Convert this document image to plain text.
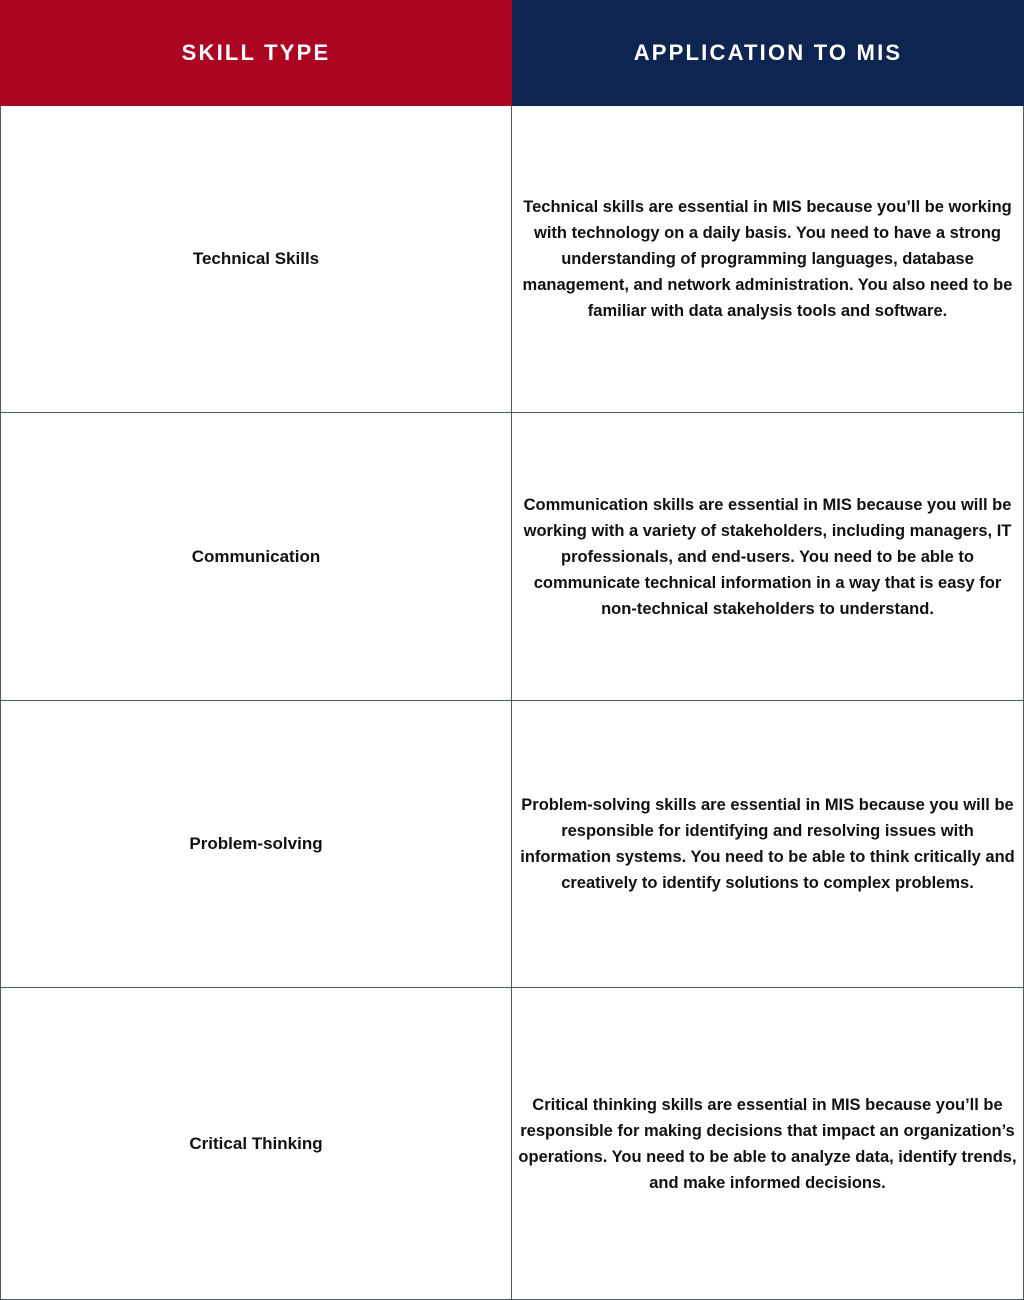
SKILL TYPE	APPLICATION TO MIS
Technical Skills
Technical skills are essential in MIS because you’ll be working with technology on a daily basis. You need to have a strong understanding of programming languages, database management, and network administration. You also need to be familiar with data analysis tools and software.
Communication
Communication skills are essential in MIS because you will be working with a variety of stakeholders, including managers, IT professionals, and end-users. You need to be able to communicate technical information in a way that is easy for non-technical stakeholders to understand.
Problem-solving
Problem-solving skills are essential in MIS because you will be responsible for identifying and resolving issues with information systems. You need to be able to think critically and creatively to identify solutions to complex problems.
Critical Thinking
Critical thinking skills are essential in MIS because you’ll be responsible for making decisions that impact an organization’s operations. You need to be able to analyze data, identify trends, and make informed decisions.
